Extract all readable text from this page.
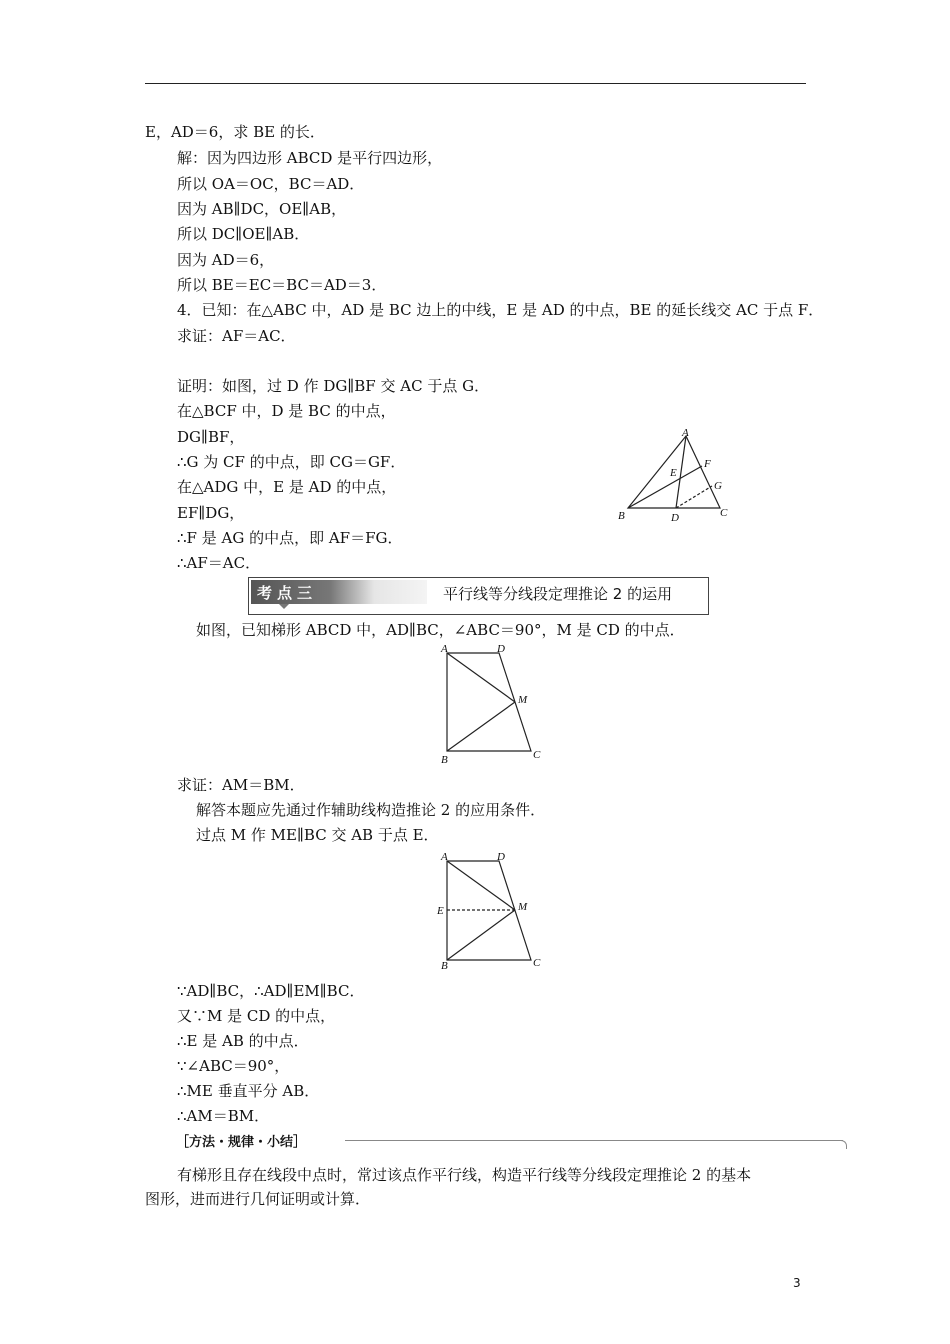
E，AD＝6，求 BE 的长．
解：因为四边形 ABCD 是平行四边形，
所以 OA＝OC，BC＝AD．
因为 AB∥DC，OE∥AB，
所以 DC∥OE∥AB．
因为 AD＝6，
所以 BE＝EC＝BC＝AD＝3．
4．已知：在△ABC 中，AD 是 BC 边上的中线，E 是 AD 的中点，BE 的延长线交 AC 于点 F．
求证：AF＝AC．
证明：如图，过 D 作 DG∥BF 交 AC 于点 G．
在△BCF 中，D 是 BC 的中点，
DG∥BF，
∴G 为 CF 的中点，即 CG＝GF．
在△ADG 中，E 是 AD 的中点，
EF∥DG，
∴F 是 AG 的中点，即 AF＝FG．
∴AF＝AC．
A
B	C
D
E
F
G
考点三	平行线等分线段定理推论 2 的运用
如图，已知梯形 ABCD 中，AD∥BC，∠ABC＝90°，M 是 CD 的中点．
A	D
M
B	C
求证：AM＝BM．
解答本题应先通过作辅助线构造推论 2 的应用条件．
过点 M 作 ME∥BC 交 AB 于点 E．
A	D
E	M
B	C
∵AD∥BC，∴AD∥EM∥BC．
又∵M 是 CD 的中点，
∴E 是 AB 的中点．
∵∠ABC＝90°，
∴ME 垂直平分 AB．
∴AM＝BM．
［方法・规律・小结］
有梯形且存在线段中点时，常过该点作平行线，构造平行线等分线段定理推论 2 的基本
图形，进而进行几何证明或计算．
3
